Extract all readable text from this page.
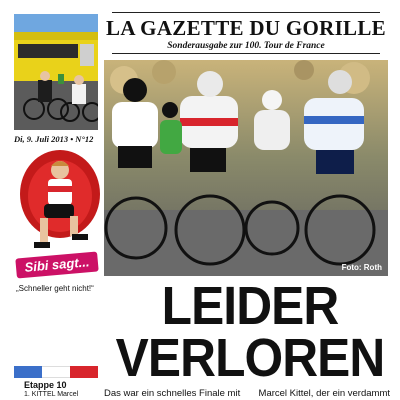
LA GAZETTE DU GORILLE
Sonderausgabe zur 100. Tour de France
Di, 9. Juli 2013 • N°12
Sibi sagt...
„Schneller geht nicht!“
Etappe 10
1. KITTEL Marcel
Foto: Roth
LEIDER
VERLOREN
Das war ein schnelles Finale mit Marcel Kittel, der ein verdammt
